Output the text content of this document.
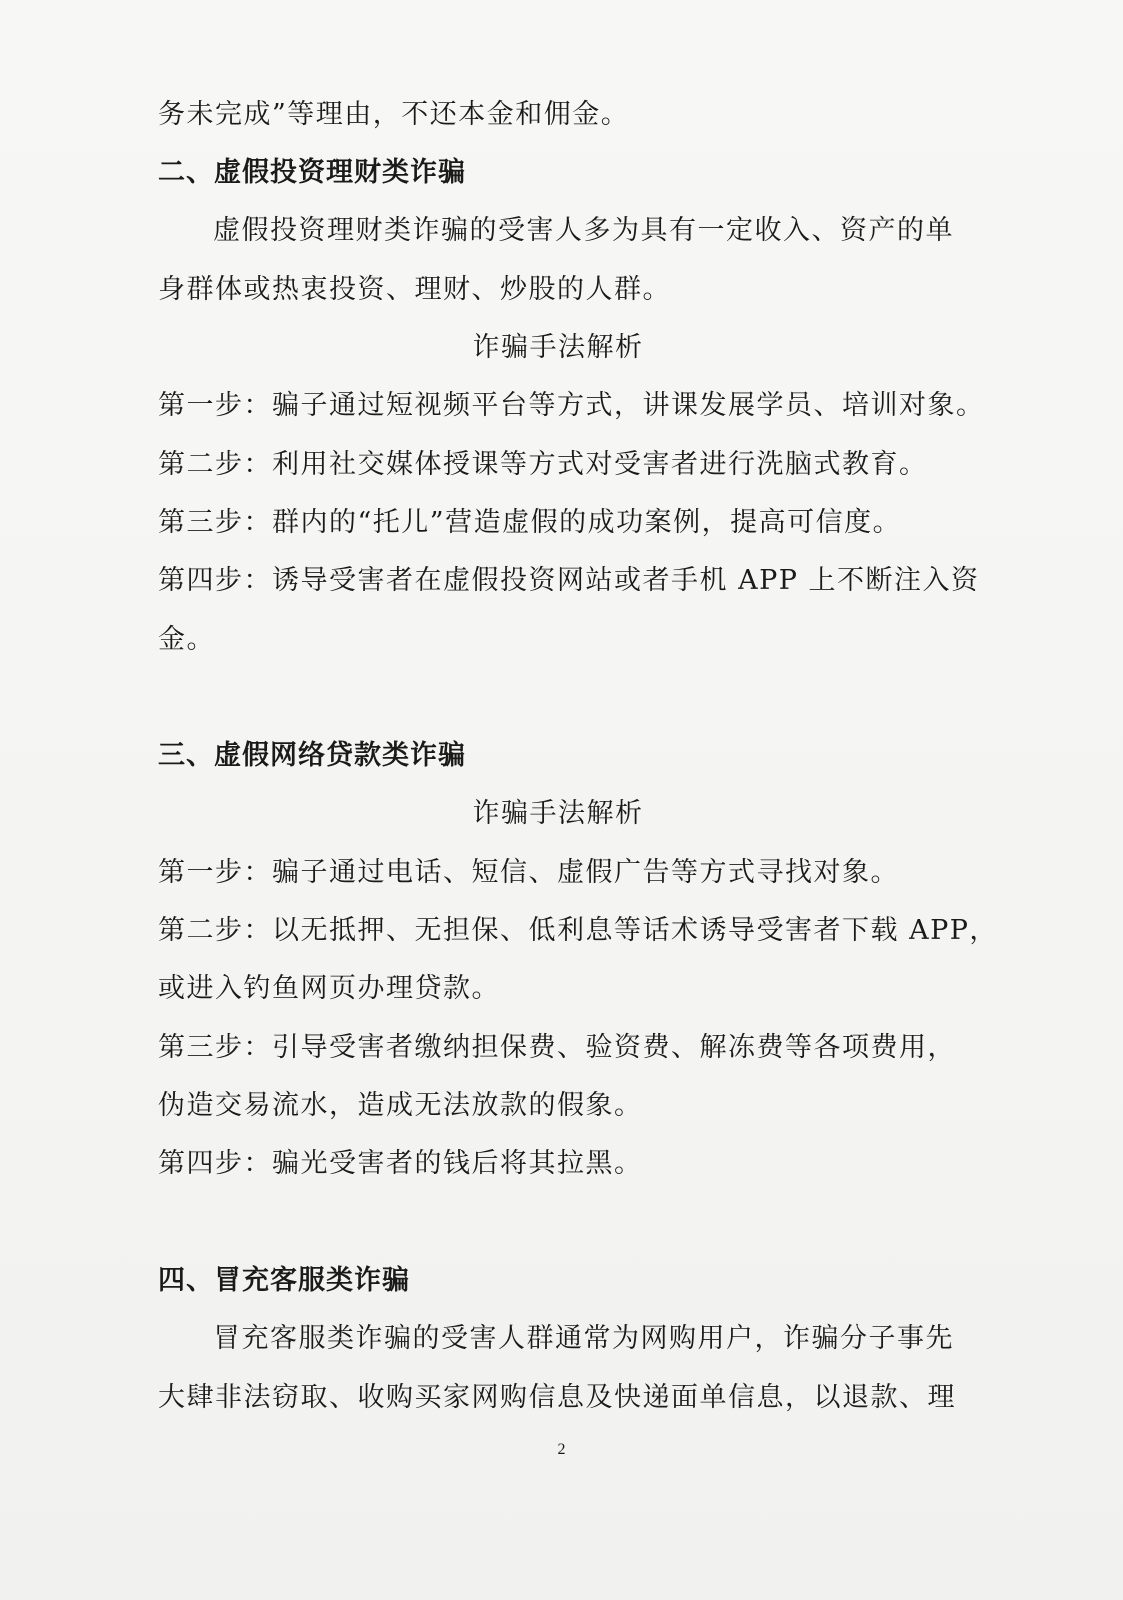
务未完成”等理由，不还本金和佣金。
二、虚假投资理财类诈骗
虚假投资理财类诈骗的受害人多为具有一定收入、资产的单
身群体或热衷投资、理财、炒股的人群。
诈骗手法解析
第一步：骗子通过短视频平台等方式，讲课发展学员、培训对象。
第二步：利用社交媒体授课等方式对受害者进行洗脑式教育。
第三步：群内的“托儿”营造虚假的成功案例，提高可信度。
第四步：诱导受害者在虚假投资网站或者手机 APP 上不断注入资
金。
三、虚假网络贷款类诈骗
诈骗手法解析
第一步：骗子通过电话、短信、虚假广告等方式寻找对象。
第二步：以无抵押、无担保、低利息等话术诱导受害者下载 APP，
或进入钓鱼网页办理贷款。
第三步：引导受害者缴纳担保费、验资费、解冻费等各项费用，
伪造交易流水，造成无法放款的假象。
第四步：骗光受害者的钱后将其拉黑。
四、冒充客服类诈骗
冒充客服类诈骗的受害人群通常为网购用户，诈骗分子事先
大肆非法窃取、收购买家网购信息及快递面单信息，以退款、理
2
